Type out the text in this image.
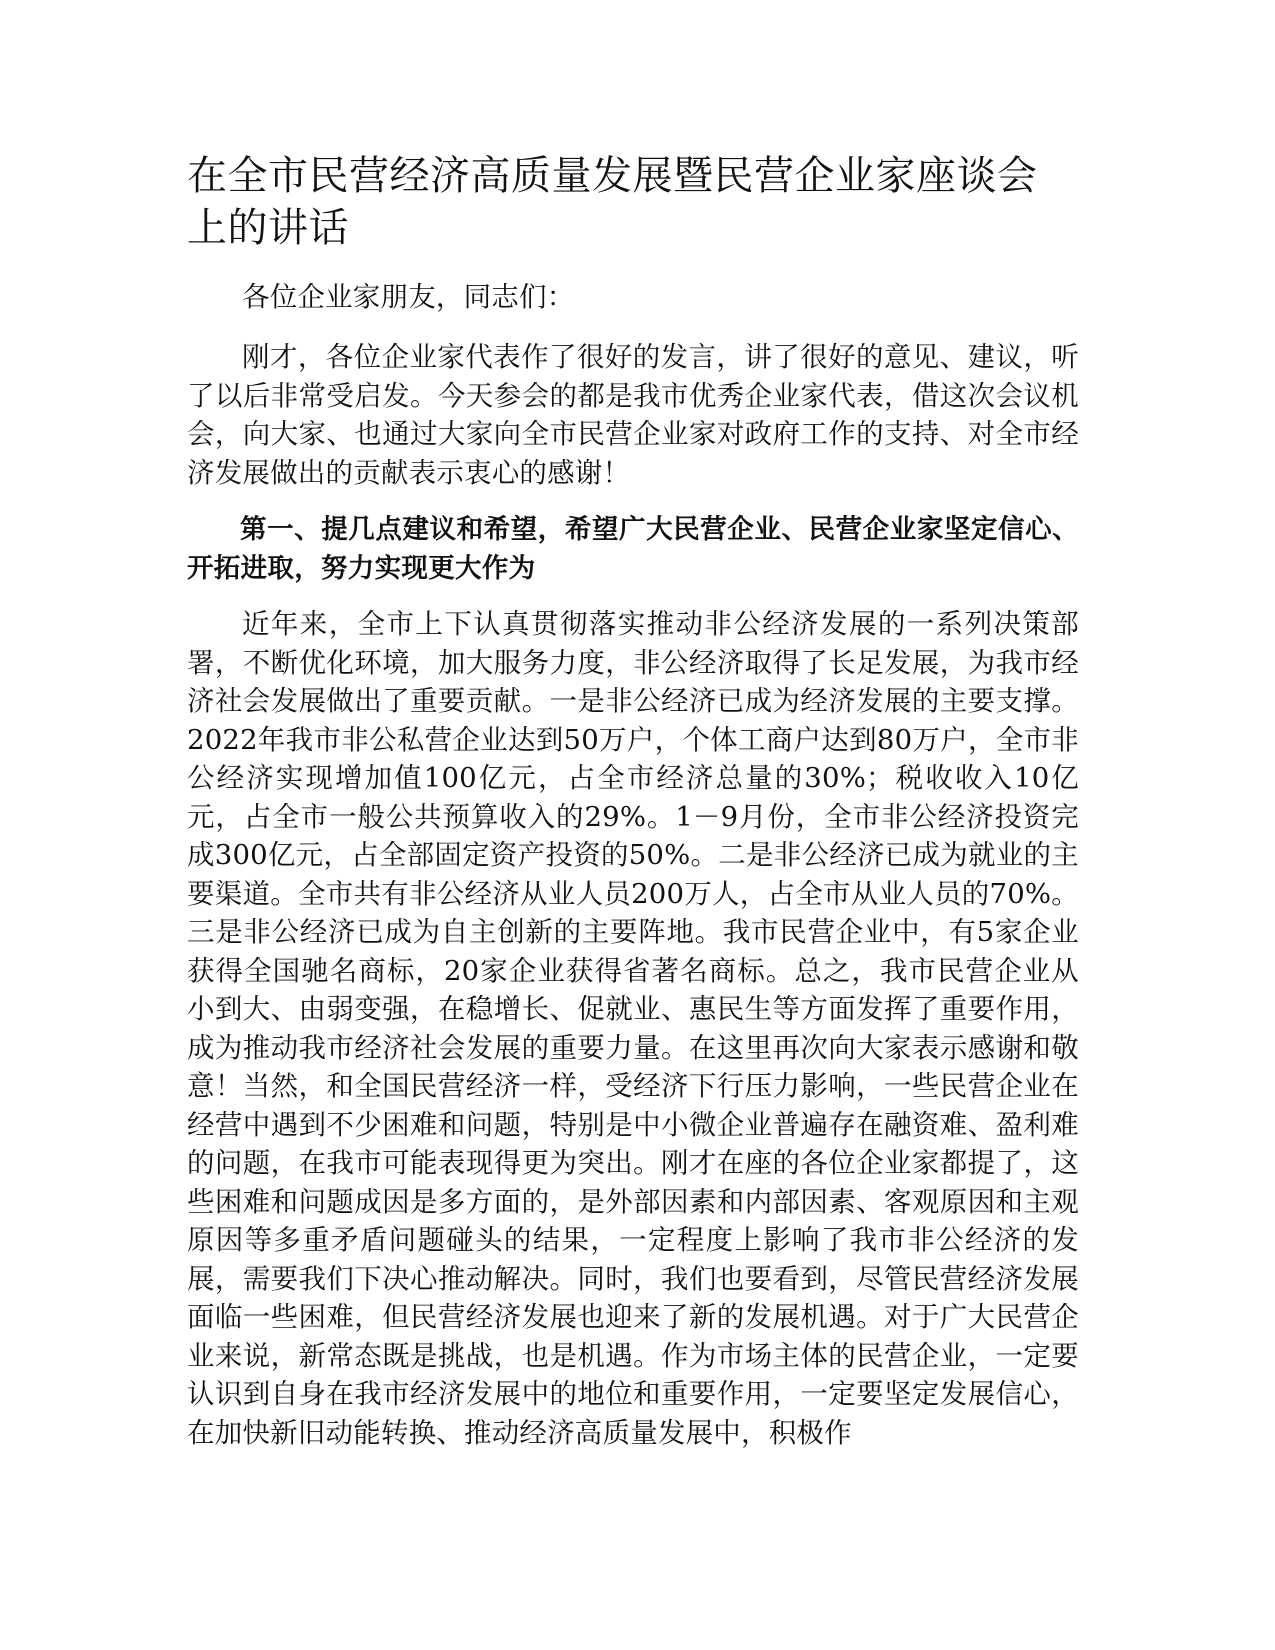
在全市民营经济高质量发展暨民营企业家座谈会上的讲话

各位企业家朋友，同志们：

刚才，各位企业家代表作了很好的发言，讲了很好的意见、建议，听了以后非常受启发。今天参会的都是我市优秀企业家代表，借这次会议机会，向大家、也通过大家向全市民营企业家对政府工作的支持、对全市经济发展做出的贡献表示衷心的感谢！

第一、提几点建议和希望，希望广大民营企业、民营企业家坚定信心、开拓进取，努力实现更大作为

近年来，全市上下认真贯彻落实推动非公经济发展的一系列决策部署，不断优化环境，加大服务力度，非公经济取得了长足发展，为我市经济社会发展做出了重要贡献。一是非公经济已成为经济发展的主要支撑。2022年我市非公私营企业达到50万户，个体工商户达到80万户，全市非公经济实现增加值100亿元，占全市经济总量的30%；税收收入10亿元，占全市一般公共预算收入的29%。1－9月份，全市非公经济投资完成300亿元，占全部固定资产投资的50%。二是非公经济已成为就业的主要渠道。全市共有非公经济从业人员200万人，占全市从业人员的70%。三是非公经济已成为自主创新的主要阵地。我市民营企业中，有5家企业获得全国驰名商标，20家企业获得省著名商标。总之，我市民营企业从小到大、由弱变强，在稳增长、促就业、惠民生等方面发挥了重要作用，成为推动我市经济社会发展的重要力量。在这里再次向大家表示感谢和敬意！当然，和全国民营经济一样，受经济下行压力影响，一些民营企业在经营中遇到不少困难和问题，特别是中小微企业普遍存在融资难、盈利难的问题，在我市可能表现得更为突出。刚才在座的各位企业家都提了，这些困难和问题成因是多方面的，是外部因素和内部因素、客观原因和主观原因等多重矛盾问题碰头的结果，一定程度上影响了我市非公经济的发展，需要我们下决心推动解决。同时，我们也要看到，尽管民营经济发展面临一些困难，但民营经济发展也迎来了新的发展机遇。对于广大民营企业来说，新常态既是挑战，也是机遇。作为市场主体的民营企业，一定要认识到自身在我市经济发展中的地位和重要作用，一定要坚定发展信心，在加快新旧动能转换、推动经济高质量发展中，积极作
